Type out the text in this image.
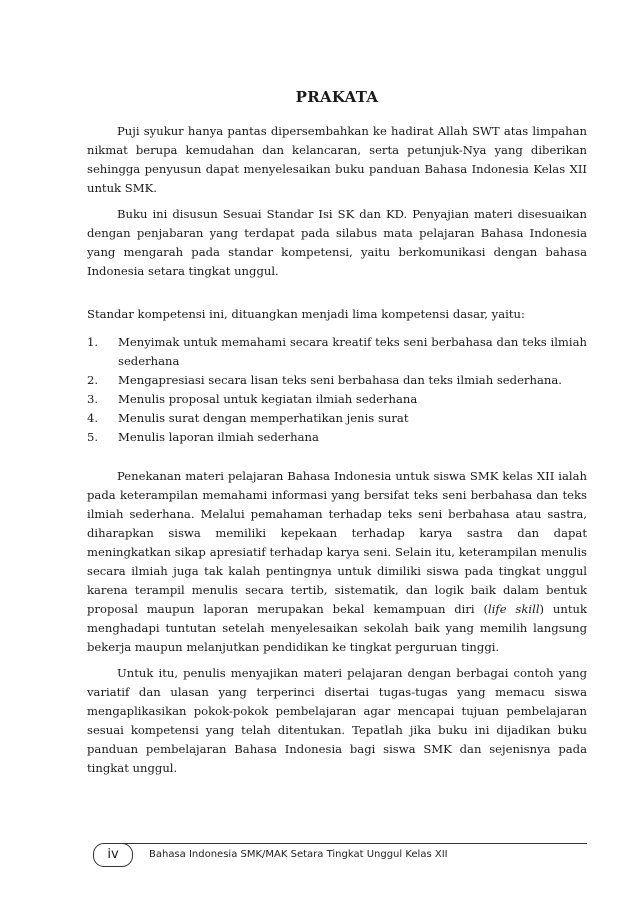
PRAKATA

Puji syukur hanya pantas dipersembahkan ke hadirat Allah SWT atas limpahan nikmat berupa kemudahan dan kelancaran, serta petunjuk-Nya yang diberikan sehingga penyusun dapat menyelesaikan buku panduan Bahasa Indonesia Kelas XII untuk SMK.

Buku ini disusun Sesuai Standar Isi SK dan KD. Penyajian materi disesuaikan dengan penjabaran yang terdapat pada silabus mata pelajaran Bahasa Indonesia yang mengarah pada standar kompetensi, yaitu berkomunikasi dengan bahasa Indonesia setara tingkat unggul.

Standar kompetensi ini, dituangkan menjadi lima kompetensi dasar, yaitu:

1. Menyimak untuk memahami secara kreatif teks seni berbahasa dan teks ilmiah sederhana
2. Mengapresiasi secara lisan teks seni berbahasa dan teks ilmiah sederhana.
3. Menulis proposal untuk kegiatan ilmiah sederhana
4. Menulis surat dengan memperhatikan jenis surat
5. Menulis laporan ilmiah sederhana

Penekanan materi pelajaran Bahasa Indonesia untuk siswa SMK kelas XII ialah pada keterampilan memahami informasi yang bersifat teks seni berbahasa dan teks ilmiah sederhana. Melalui pemahaman terhadap teks seni berbahasa atau sastra, diharapkan siswa memiliki kepekaan terhadap karya sastra dan dapat meningkatkan sikap apresiatif terhadap karya seni. Selain itu, keterampilan menulis secara ilmiah juga tak kalah pentingnya untuk dimiliki siswa pada tingkat unggul karena terampil menulis secara tertib, sistematik, dan logik baik dalam bentuk proposal maupun laporan merupakan bekal kemampuan diri (life skill) untuk menghadapi tuntutan setelah menyelesaikan sekolah baik yang memilih langsung bekerja maupun melanjutkan pendidikan ke tingkat perguruan tinggi.

Untuk itu, penulis menyajikan materi pelajaran dengan berbagai contoh yang variatif dan ulasan yang terperinci disertai tugas-tugas yang memacu siswa mengaplikasikan pokok-pokok pembelajaran agar mencapai tujuan pembelajaran sesuai kompetensi yang telah ditentukan. Tepatlah jika buku ini dijadikan buku panduan pembelajaran Bahasa Indonesia bagi siswa SMK dan sejenisnya pada tingkat unggul.

iv	Bahasa Indonesia SMK/MAK Setara Tingkat Unggul Kelas XII
